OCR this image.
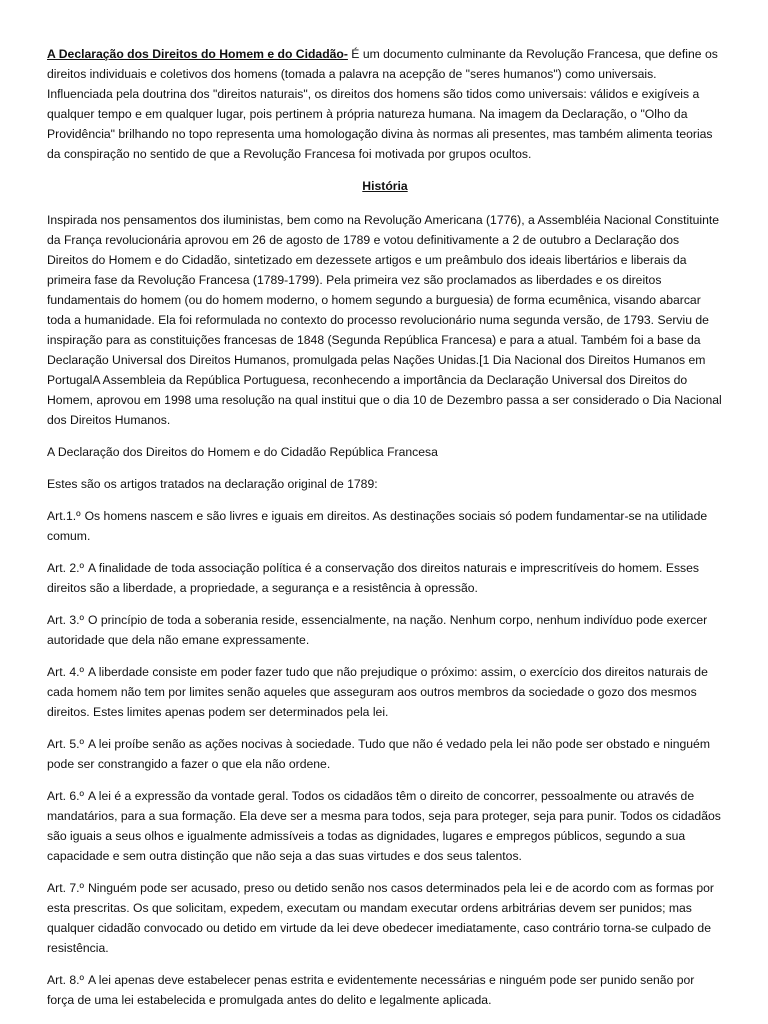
A Declaração dos Direitos do Homem e do Cidadão- É um documento culminante da Revolução Francesa, que define os direitos individuais e coletivos dos homens (tomada a palavra na acepção de "seres humanos") como universais. Influenciada pela doutrina dos "direitos naturais", os direitos dos homens são tidos como universais: válidos e exigíveis a qualquer tempo e em qualquer lugar, pois pertinem à própria natureza humana. Na imagem da Declaração, o "Olho da Providência" brilhando no topo representa uma homologação divina às normas ali presentes, mas também alimenta teorias da conspiração no sentido de que a Revolução Francesa foi motivada por grupos ocultos.

História

Inspirada nos pensamentos dos iluministas, bem como na Revolução Americana (1776), a Assembléia Nacional Constituinte da França revolucionária aprovou em 26 de agosto de 1789 e votou definitivamente a 2 de outubro a Declaração dos Direitos do Homem e do Cidadão, sintetizado em dezessete artigos e um preâmbulo dos ideais libertários e liberais da primeira fase da Revolução Francesa (1789-1799). Pela primeira vez são proclamados as liberdades e os direitos fundamentais do homem (ou do homem moderno, o homem segundo a burguesia) de forma ecumênica, visando abarcar toda a humanidade. Ela foi reformulada no contexto do processo revolucionário numa segunda versão, de 1793. Serviu de inspiração para as constituições francesas de 1848 (Segunda República Francesa) e para a atual. Também foi a base da Declaração Universal dos Direitos Humanos, promulgada pelas Nações Unidas.[1 Dia Nacional dos Direitos Humanos em PortugalA Assembleia da República Portuguesa, reconhecendo a importância da Declaração Universal dos Direitos do Homem, aprovou em 1998 uma resolução na qual institui que o dia 10 de Dezembro passa a ser considerado o Dia Nacional dos Direitos Humanos.

A Declaração dos Direitos do Homem e do Cidadão República Francesa

Estes são os artigos tratados na declaração original de 1789:

Art.1.º Os homens nascem e são livres e iguais em direitos. As destinações sociais só podem fundamentar-se na utilidade comum.

Art. 2.º A finalidade de toda associação política é a conservação dos direitos naturais e imprescritíveis do homem. Esses direitos são a liberdade, a propriedade, a segurança e a resistência à opressão.

Art. 3.º O princípio de toda a soberania reside, essencialmente, na nação. Nenhum corpo, nenhum indivíduo pode exercer autoridade que dela não emane expressamente.

Art. 4.º A liberdade consiste em poder fazer tudo que não prejudique o próximo: assim, o exercício dos direitos naturais de cada homem não tem por limites senão aqueles que asseguram aos outros membros da sociedade o gozo dos mesmos direitos. Estes limites apenas podem ser determinados pela lei.

Art. 5.º A lei proíbe senão as ações nocivas à sociedade. Tudo que não é vedado pela lei não pode ser obstado e ninguém pode ser constrangido a fazer o que ela não ordene.

Art. 6.º A lei é a expressão da vontade geral. Todos os cidadãos têm o direito de concorrer, pessoalmente ou através de mandatários, para a sua formação. Ela deve ser a mesma para todos, seja para proteger, seja para punir. Todos os cidadãos são iguais a seus olhos e igualmente admissíveis a todas as dignidades, lugares e empregos públicos, segundo a sua capacidade e sem outra distinção que não seja a das suas virtudes e dos seus talentos.

Art. 7.º Ninguém pode ser acusado, preso ou detido senão nos casos determinados pela lei e de acordo com as formas por esta prescritas. Os que solicitam, expedem, executam ou mandam executar ordens arbitrárias devem ser punidos; mas qualquer cidadão convocado ou detido em virtude da lei deve obedecer imediatamente, caso contrário torna-se culpado de resistência.

Art. 8.º A lei apenas deve estabelecer penas estrita e evidentemente necessárias e ninguém pode ser punido senão por força de uma lei estabelecida e promulgada antes do delito e legalmente aplicada.
